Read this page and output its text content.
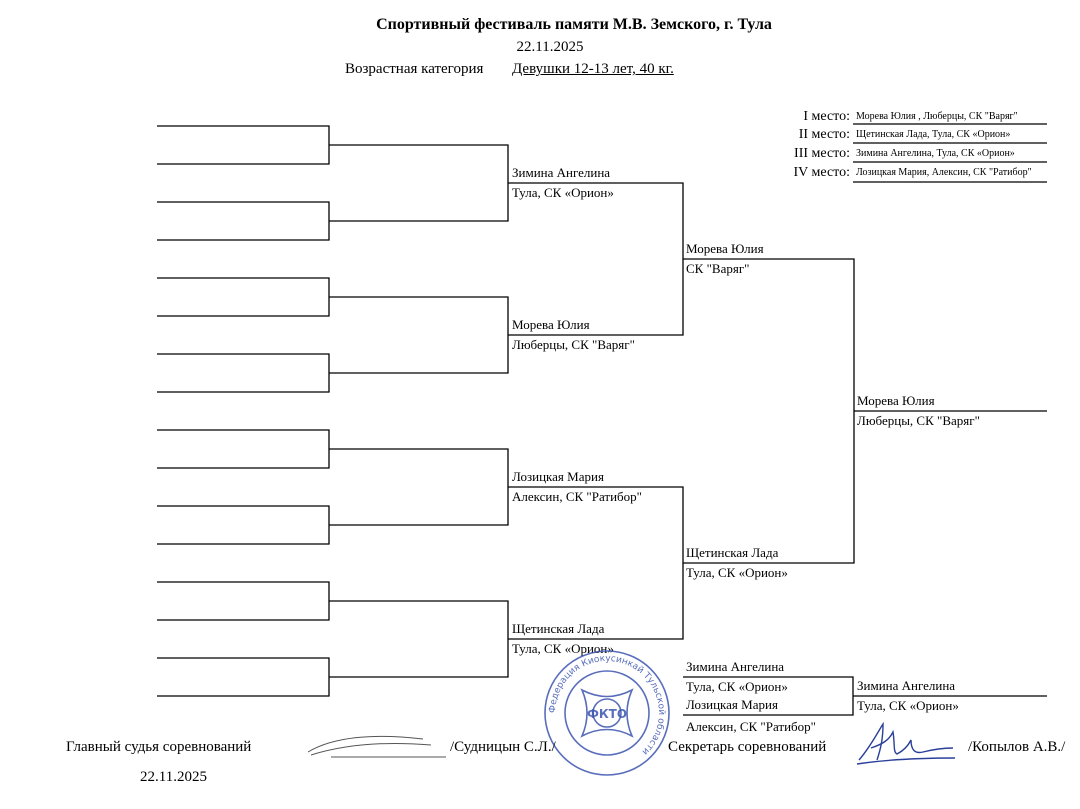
Спортивный фестиваль памяти М.В. Земского, г. Тула
22.11.2025
Возрастная категория Девушки 12-13 лет, 40 кг.
I место: Морева Юлия , Люберцы, СК "Варяг"
II место: Щетинская Лада, Тула, СК «Орион»
III место: Зимина Ангелина, Тула, СК «Орион»
IV место: Лозицкая Мария, Алексин, СК "Ратибор"
Зимина Ангелина
Тула, СК «Орион»
Морева Юлия
Люберцы, СК "Варяг"
Лозицкая Мария
Алексин, СК "Ратибор"
Щетинская Лада
Тула, СК «Орион»
Морева Юлия
СК "Варяг"
Щетинская Лада
Тула, СК «Орион»
Морева Юлия
Люберцы, СК "Варяг"
Зимина Ангелина
Тула, СК «Орион»
Лозицкая Мария
Алексин, СК "Ратибор"
Зимина Ангелина
Тула, СК «Орион»
ФКТО
Федерация Киокусинкай Тульской области
Главный судья соревнований	/Судницын С.Л./	Секретарь соревнований	/Копылов А.В./
22.11.2025
